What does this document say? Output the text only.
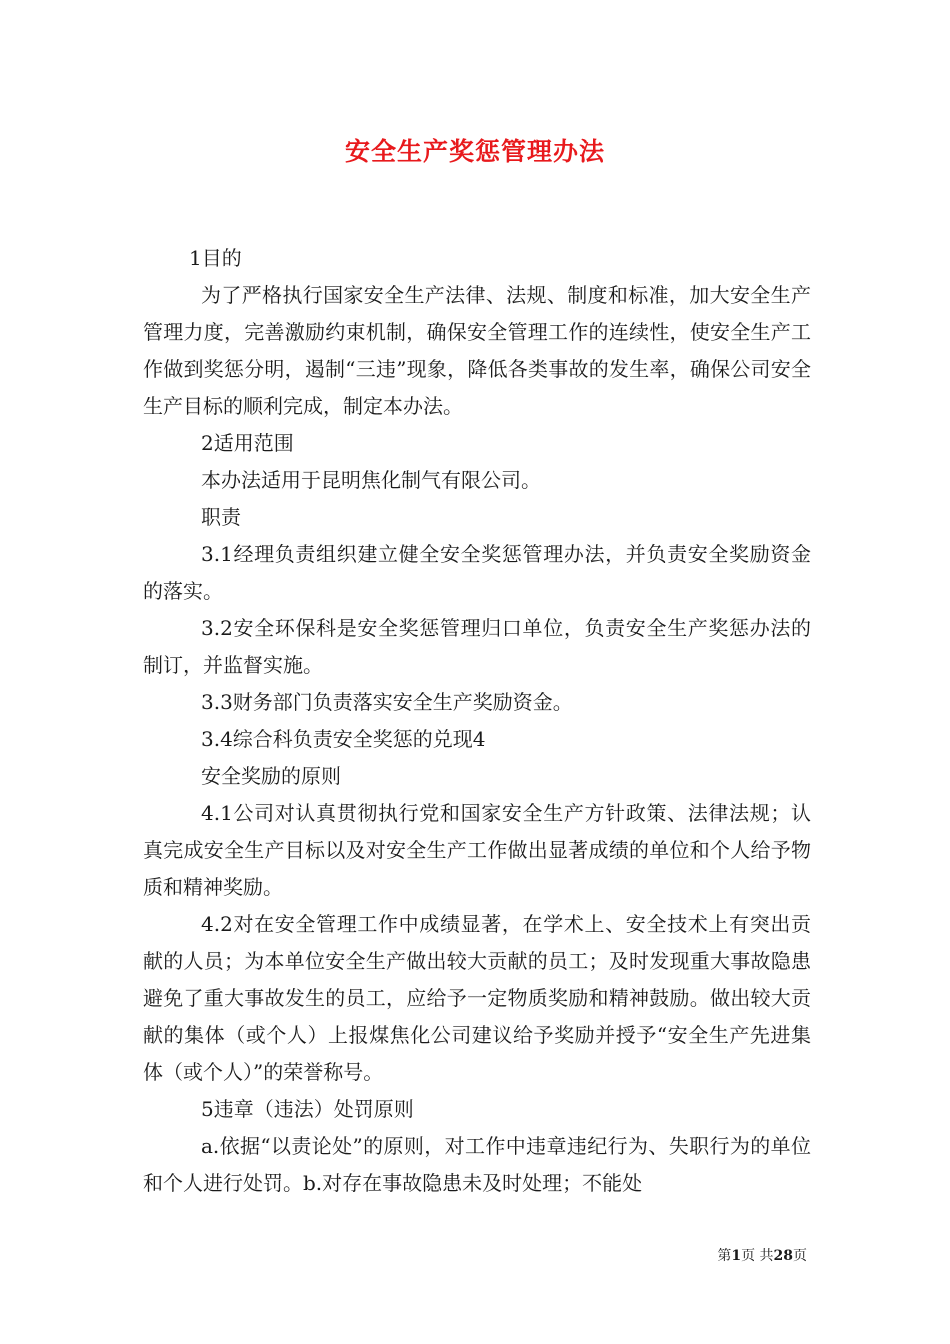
安全生产奖惩管理办法

1目的

为了严格执行国家安全生产法律、法规、制度和标准，加大安全生产管理力度，完善激励约束机制，确保安全管理工作的连续性，使安全生产工作做到奖惩分明，遏制“三违”现象，降低各类事故的发生率，确保公司安全生产目标的顺利完成，制定本办法。

2适用范围

本办法适用于昆明焦化制气有限公司。

职责

3.1经理负责组织建立健全安全奖惩管理办法，并负责安全奖励资金的落实。

3.2安全环保科是安全奖惩管理归口单位，负责安全生产奖惩办法的制订，并监督实施。

3.3财务部门负责落实安全生产奖励资金。

3.4综合科负责安全奖惩的兑现4

安全奖励的原则

4.1公司对认真贯彻执行党和国家安全生产方针政策、法律法规；认真完成安全生产目标以及对安全生产工作做出显著成绩的单位和个人给予物质和精神奖励。

4.2对在安全管理工作中成绩显著，在学术上、安全技术上有突出贡献的人员；为本单位安全生产做出较大贡献的员工；及时发现重大事故隐患避免了重大事故发生的员工，应给予一定物质奖励和精神鼓励。做出较大贡献的集体（或个人）上报煤焦化公司建议给予奖励并授予“安全生产先进集体（或个人）”的荣誉称号。

5违章（违法）处罚原则

a.依据“以责论处”的原则，对工作中违章违纪行为、失职行为的单位和个人进行处罚。b.对存在事故隐患未及时处理；不能处

第1页 共28页
